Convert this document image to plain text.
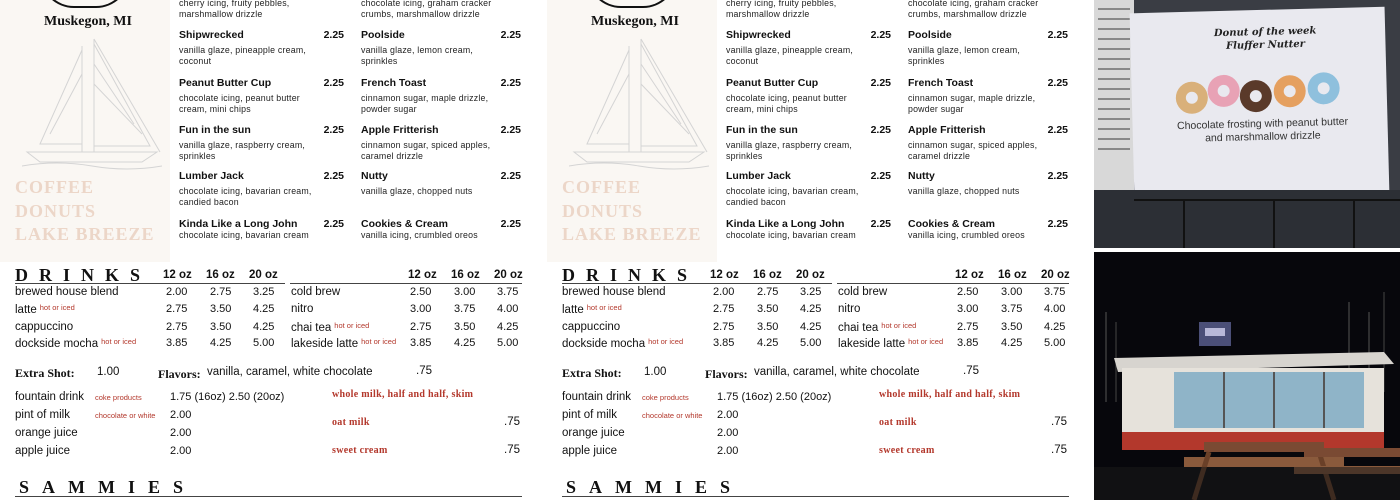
Muskegon, MI
COFFEE
DONUTS
LAKE BREEZE
cherry icing, fruity pebbles, marshmallow drizzle
chocolate icing, graham cracker crumbs, marshmallow drizzle
Shipwrecked	2.25
vanilla glaze, pineapple cream, coconut
Peanut Butter Cup	2.25
chocolate icing, peanut butter cream, mini chips
Fun in the sun	2.25
vanilla glaze, raspberry cream, sprinkles
Lumber Jack	2.25
chocolate icing, bavarian cream, candied bacon
Kinda Like a Long John 2.25
chocolate icing, bavarian cream
Poolside	2.25
vanilla glaze, lemon cream, sprinkles
French Toast	2.25
cinnamon sugar, maple drizzle, powder sugar
Apple Fritterish	2.25
cinnamon sugar, spiced apples, caramel drizzle
Nutty	2.25
vanilla glaze, chopped nuts
Cookies & Cream	2.25
vanilla icing, crumbled oreos
DRINKS 12 oz 16 oz 20 oz	12 oz 16 oz 20 oz
brewed house blend	2.00 2.75 3.25
latte $^{hot or iced}$	2.75 3.50 4.25
cappuccino	2.75 3.50 4.25
dockside mocha $^{hot or iced}$	3.85 4.25 5.00
cold brew	2.50 3.00 3.75
nitro	3.00 3.75 4.00
chai tea $^{hot or iced}$	2.75 3.50 4.25
lakeside latte $^{hot or iced}$ 3.85 4.25 5.00
Extra Shot: 1.00	Flavors: vanilla, caramel, white chocolate	.75
fountain drink coke products	1.75 (16oz) 2.50 (20oz)
pint of milk	chocolate or white 2.00
orange juice	2.00
apple juice	2.00
whole milk, half and half, skim
oat milk	.75
sweet cream	.75
SAMMIES
Muskegon, MI
COFFEE
DONUTS
LAKE BREEZE
cherry icing, fruity pebbles, marshmallow drizzle
chocolate icing, graham cracker crumbs, marshmallow drizzle
Shipwrecked	2.25
vanilla glaze, pineapple cream, coconut
Peanut Butter Cup	2.25
chocolate icing, peanut butter cream, mini chips
Fun in the sun	2.25
vanilla glaze, raspberry cream, sprinkles
Lumber Jack	2.25
chocolate icing, bavarian cream, candied bacon
Kinda Like a Long John 2.25
chocolate icing, bavarian cream
Poolside	2.25
vanilla glaze, lemon cream, sprinkles
French Toast	2.25
cinnamon sugar, maple drizzle, powder sugar
Apple Fritterish	2.25
cinnamon sugar, spiced apples, caramel drizzle
Nutty	2.25
vanilla glaze, chopped nuts
Cookies & Cream	2.25
vanilla icing, crumbled oreos
DRINKS 12 oz 16 oz 20 oz	12 oz 16 oz 20 oz
brewed house blend	2.00 2.75 3.25
latte $^{hot or iced}$	2.75 3.50 4.25
cappuccino	2.75 3.50 4.25
dockside mocha $^{hot or iced}$	3.85 4.25 5.00
cold brew	2.50 3.00 3.75
nitro	3.00 3.75 4.00
chai tea $^{hot or iced}$	2.75 3.50 4.25
lakeside latte $^{hot or iced}$ 3.85 4.25 5.00
Extra Shot: 1.00	Flavors: vanilla, caramel, white chocolate	.75
fountain drink coke products	1.75 (16oz) 2.50 (20oz)
pint of milk	chocolate or white 2.00
orange juice	2.00
apple juice	2.00
whole milk, half and half, skim
oat milk	.75
sweet cream	.75
SAMMIES
Donut of the week Fluffer Nutter
Chocolate frosting with peanut butter and marshmallow drizzle
